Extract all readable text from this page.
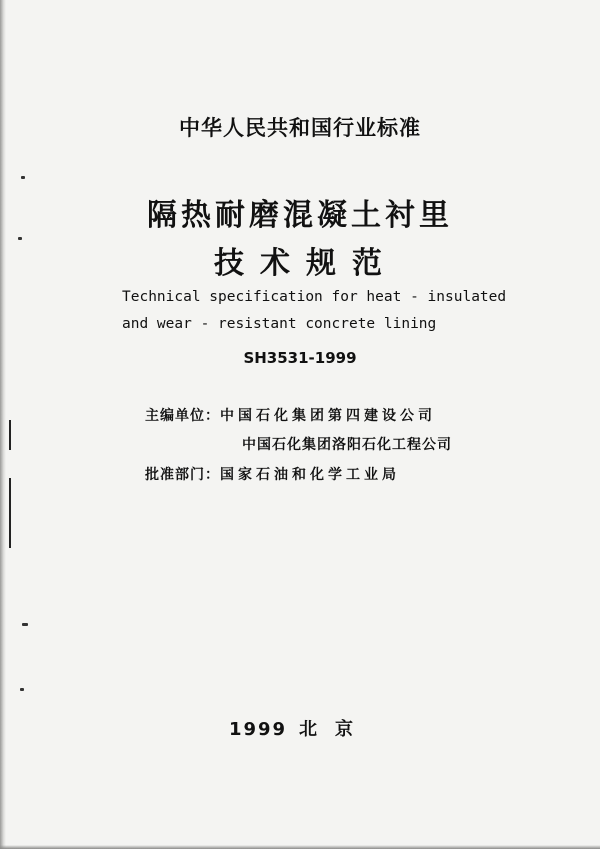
中华人民共和国行业标准
隔热耐磨混凝土衬里
技术规范
Technical specification for heat - insulated
and wear - resistant concrete lining
SH3531-1999
主编单位：中国石化集团第四建设公司
中国石化集团洛阳石化工程公司
批准部门：国家石油和化学工业局
1999 北京
